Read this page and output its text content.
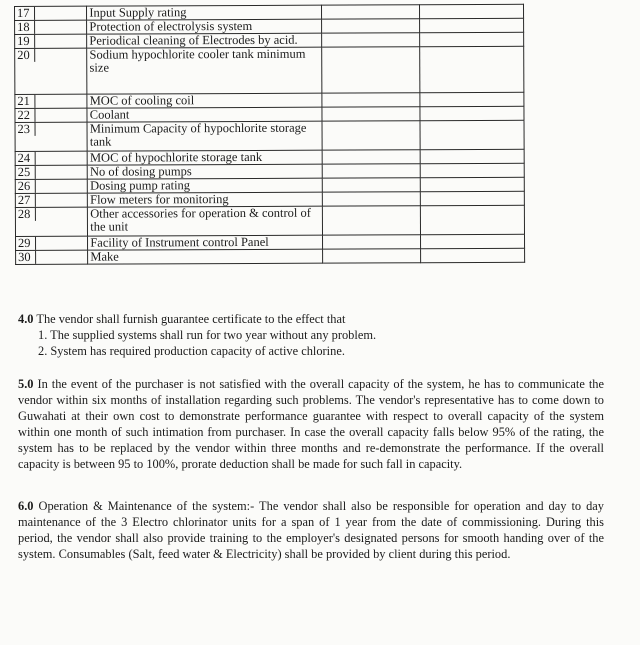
17	Input Supply rating		
18	Protection of electrolysis system		
19	Periodical cleaning of Electrodes by acid.		
20	Sodium hypochlorite cooler tank minimum size		
21	MOC of cooling coil		
22	Coolant		
23	Minimum Capacity of hypochlorite storage tank		
24	MOC of hypochlorite storage tank		
25	No of dosing pumps		
26	Dosing pump rating		
27	Flow meters for monitoring		
28	Other accessories for operation & control of the unit		
29	Facility of Instrument control Panel		
30	Make		
4.0 The vendor shall furnish guarantee certificate to the effect that
1. The supplied systems shall run for two year without any problem.
2. System has required production capacity of active chlorine.
5.0 In the event of the purchaser is not satisfied with the overall capacity of the system, he has to communicate the vendor within six months of installation regarding such problems. The vendor's representative has to come down to Guwahati at their own cost to demonstrate performance guarantee with respect to overall capacity of the system within one month of such intimation from purchaser. In case the overall capacity falls below 95% of the rating, the system has to be replaced by the vendor within three months and re-demonstrate the performance. If the overall capacity is between 95 to 100%, prorate deduction shall be made for such fall in capacity.
6.0 Operation & Maintenance of the system:- The vendor shall also be responsible for operation and day to day maintenance of the 3 Electro chlorinator units for a span of 1 year from the date of commissioning. During this period, the vendor shall also provide training to the employer's designated persons for smooth handing over of the system. Consumables (Salt, feed water & Electricity) shall be provided by client during this period.
